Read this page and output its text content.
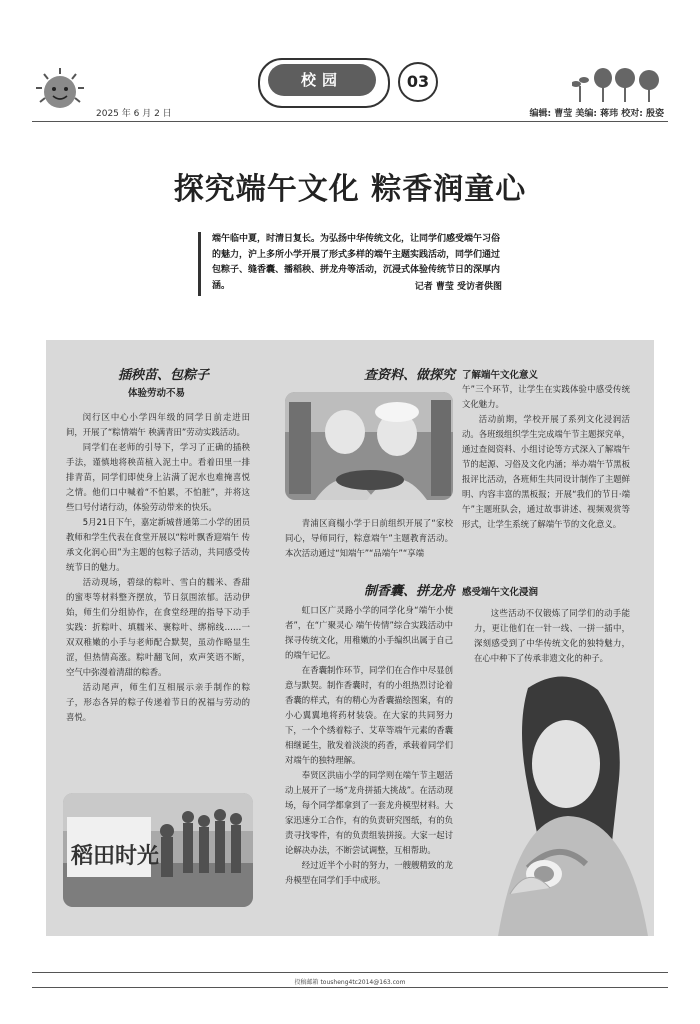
2025 年 6 月 2 日
校园	03
编辑: 曹莹 美编: 蒋玮 校对: 殷姿
探究端午文化 粽香润童心
端午临中夏，时清日复长。为弘扬中华传统文化，让同学们感受端午习俗的魅力，沪上多所小学开展了形式多样的端午主题实践活动，同学们通过包粽子、缝香囊、播稻秧、拼龙舟等活动，沉浸式体验传统节日的深厚内涵。	记者 曹莹 受访者供图
插秧苗、包粽子
体验劳动不易

闵行区中心小学四年级的同学日前走进田间，开展了“粽情端午 秧满青田”劳动实践活动。

同学们在老师的引导下，学习了正确的插秧手法，谨慎地将秧苗植入泥土中。看着田里一排排青苗，同学们即使身上沾满了泥水也难掩喜悦之情。他们口中喊着“不怕累，不怕脏”，并将这些口号付诸行动，体验劳动带来的快乐。

5月21日下午，嘉定新城普通第二小学的团员教师和学生代表在食堂开展以“粽叶飘香迎端午 传承文化润心田”为主题的包粽子活动，共同感受传统节日的魅力。

活动现场，碧绿的粽叶、雪白的糯米、香甜的蜜枣等材料整齐摆放，节日氛围浓郁。活动伊始，师生们分组协作，在食堂经理的指导下动手实践：折粽叶、填糯米、裹粽叶、绑棉线……一双双稚嫩的小手与老师配合默契，虽动作略显生涩，但热情高涨。粽叶翻飞间，欢声笑语不断，空气中弥漫着清甜的粽香。

活动尾声，师生们互相展示亲手制作的粽子，形态各异的粽子传递着节日的祝福与劳动的喜悦。

稻田时光
查资料、做探究

青浦区商榻小学于日前组织开展了“家校同心，导师同行，粽意端午”主题教育活动。本次活动通过“知端午”“品端午”“享端

了解端午文化意义

午”三个环节，让学生在实践体验中感受传统文化魅力。

活动前期，学校开展了系列文化浸润活动。各班级组织学生完成端午节主题探究单，通过查阅资料、小组讨论等方式深入了解端午节的起源、习俗及文化内涵；举办端午节黑板报评比活动，各班师生共同设计制作了主题鲜明、内容丰富的黑板报；开展“我们的节日·端午”主题班队会，通过故事讲述、视频观赏等形式，让学生系统了解端午节的文化意义。

制香囊、拼龙舟

虹口区广灵路小学的同学化身“端午小使者”，在“广聚灵心 端午传情”综合实践活动中探寻传统文化，用稚嫩的小手编织出属于自己的端午记忆。

在香囊制作环节，同学们在合作中尽显创意与默契。制作香囊时，有的小组热烈讨论着香囊的样式，有的精心为香囊描绘图案，有的小心翼翼地将药材装袋。在大家的共同努力下，一个个绣着粽子、艾草等端午元素的香囊相继诞生，散发着淡淡的药香，承载着同学们对端午的独特理解。

奉贤区洪庙小学的同学则在端午节主题活动上展开了一场“龙舟拼插大挑战”。在活动现场，每个同学都拿到了一套龙舟模型材料。大家迅速分工合作，有的负责研究图纸，有的负责寻找零件，有的负责组装拼接。大家一起讨论解决办法，不断尝试调整，互相帮助。

经过近半个小时的努力，一艘艘精致的龙舟模型在同学们手中成形。

感受端午文化浸润

这些活动不仅锻炼了同学们的动手能力，更让他们在一针一线、一拼一插中，深刻感受到了中华传统文化的独特魅力，在心中种下了传承非遗文化的种子。

投稿邮箱 tousheng4tc2014@163.com
